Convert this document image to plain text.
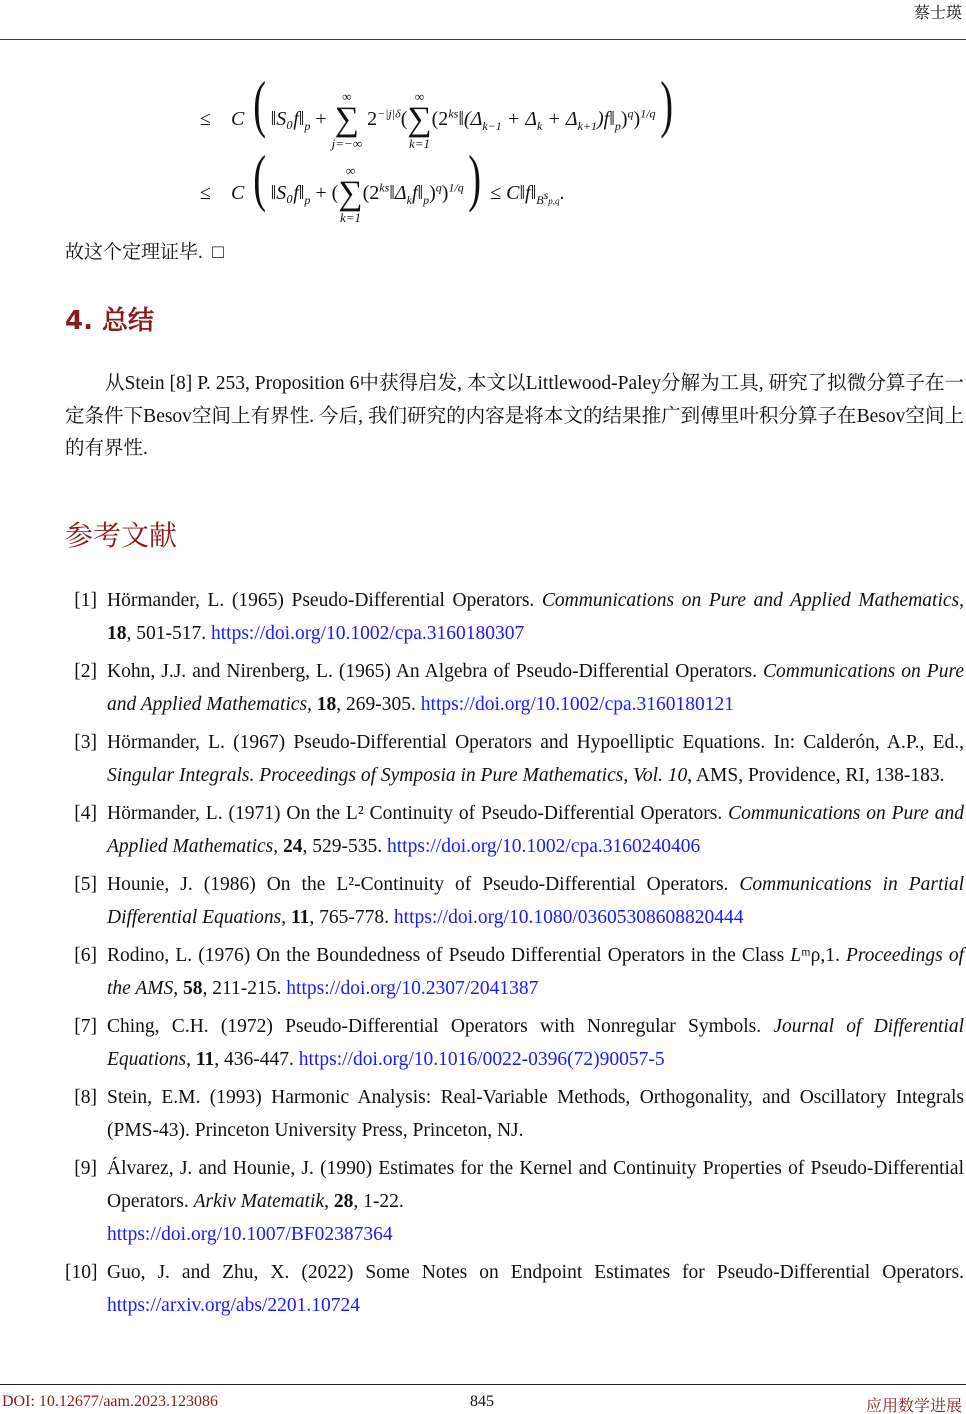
蔡士瑛
≤ C ( $‖S_0f‖_p$ +
∞
∑
j=−∞
$2^{-|j|\delta}$(
∞
∑
k=1
($2^{ks}‖(\Delta_{k-1} + \Delta_k$ + $\Delta_{k+1})f‖_p)^q)^{1/q}$)
≤ C ( $‖S_0f‖_p$ + (
∞
∑
k=1
$(2^{ks}‖\Delta_kf‖_p)^q)^{1/q}$) ≤ $C‖f‖_{B^sp,q}$.
故这个定理证毕. □
4. 总结
从Stein [8] P. 253, Proposition 6中获得启发, 本文以Littlewood-Paley分解为工具, 研究了拟微分算子在一定条件下Besov空间上有界性. 今后, 我们研究的内容是将本文的结果推广到傅里叶积分算子在Besov空间上的有界性.
参考文献
[1] Hörmander, L. (1965) Pseudo-Differential Operators. Communications on Pure and Applied Mathematics, 18, 501-517. https://doi.org/10.1002/cpa.3160180307
[2] Kohn, J.J. and Nirenberg, L. (1965) An Algebra of Pseudo-Differential Operators. Communications on Pure and Applied Mathematics, 18, 269-305. https://doi.org/10.1002/cpa.3160180121
[3] Hörmander, L. (1967) Pseudo-Differential Operators and Hypoelliptic Equations. In: Calderón, A.P., Ed., Singular Integrals. Proceedings of Symposia in Pure Mathematics, Vol. 10, AMS, Providence, RI, 138-183.
[4] Hörmander, L. (1971) On the L² Continuity of Pseudo-Differential Operators. Communications on Pure and Applied Mathematics, 24, 529-535. https://doi.org/10.1002/cpa.3160240406
[5] Hounie, J. (1986) On the L²-Continuity of Pseudo-Differential Operators. Communications in Partial Differential Equations, 11, 765-778. https://doi.org/10.1080/03605308608820444
[6] Rodino, L. (1976) On the Boundedness of Pseudo Differential Operators in the Class Lᵐρ,1. Proceedings of the AMS, 58, 211-215. https://doi.org/10.2307/2041387
[7] Ching, C.H. (1972) Pseudo-Differential Operators with Nonregular Symbols. Journal of Differential Equations, 11, 436-447. https://doi.org/10.1016/0022-0396(72)90057-5
[8] Stein, E.M. (1993) Harmonic Analysis: Real-Variable Methods, Orthogonality, and Oscillatory Integrals (PMS-43). Princeton University Press, Princeton, NJ.
[9] Álvarez, J. and Hounie, J. (1990) Estimates for the Kernel and Continuity Properties of Pseudo-Differential Operators. Arkiv Matematik, 28, 1-22.
https://doi.org/10.1007/BF02387364
[10] Guo, J. and Zhu, X. (2022) Some Notes on Endpoint Estimates for Pseudo-Differential Operators. https://arxiv.org/abs/2201.10724
DOI: 10.12677/aam.2023.123086	845	应用数学进展
